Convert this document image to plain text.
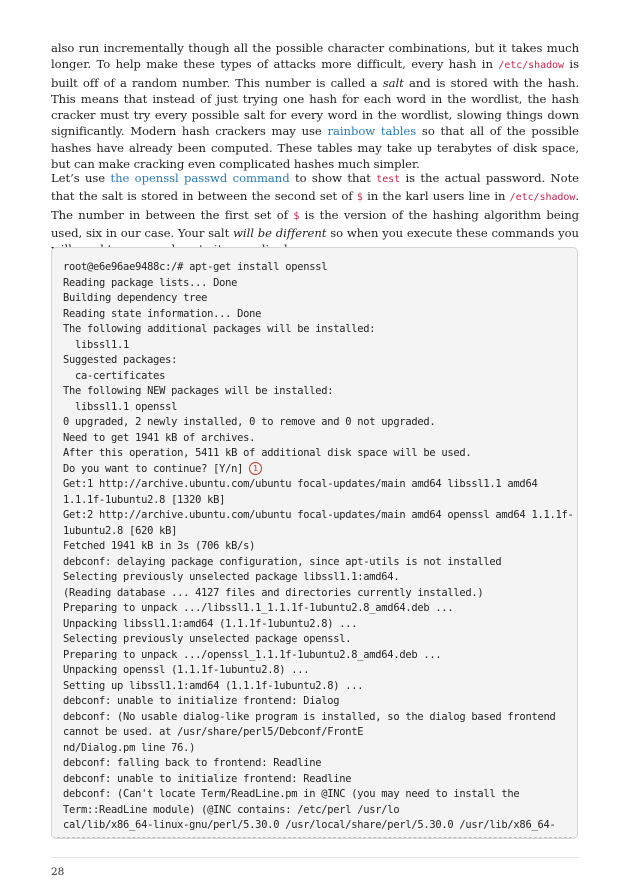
also run incrementally though all the possible character combinations, but it takes much longer. To help make these types of attacks more difficult, every hash in /etc/shadow is built off of a random number. This number is called a salt and is stored with the hash. This means that instead of just trying one hash for each word in the wordlist, the hash cracker must try every possible salt for every word in the wordlist, slowing things down significantly. Modern hash crackers may use rainbow tables so that all of the possible hashes have already been computed. These tables may take up terabytes of disk space, but can make cracking even complicated hashes much simpler.

Let’s use the openssl passwd command to show that test is the actual password. Note that the salt is stored in between the second set of $ in the karl users line in /etc/shadow. The number in between the first set of $ is the version of the hashing algorithm being used, six in our case. Your salt will be different so when you execute these commands you

root@e6e96ae9488c:/# apt-get install openssl
Reading package lists... Done
Building dependency tree
Reading state information... Done
The following additional packages will be installed:
libssl1.1
Suggested packages:
ca-certificates
The following NEW packages will be installed:
libssl1.1 openssl
0 upgraded, 2 newly installed, 0 to remove and 0 not upgraded.
Need to get 1941 kB of archives.
After this operation, 5411 kB of additional disk space will be used.
Do you want to continue? [Y/n] 1
Get:1 http://archive.ubuntu.com/ubuntu focal-updates/main amd64 libssl1.1 amd64
1.1.1f-1ubuntu2.8 [1320 kB]
Get:2 http://archive.ubuntu.com/ubuntu focal-updates/main amd64 openssl amd64 1.1.1f-
1ubuntu2.8 [620 kB]
Fetched 1941 kB in 3s (706 kB/s)
debconf: delaying package configuration, since apt-utils is not installed
Selecting previously unselected package libssl1.1:amd64.
(Reading database ... 4127 files and directories currently installed.)
Preparing to unpack .../libssl1.1_1.1.1f-1ubuntu2.8_amd64.deb ...
Unpacking libssl1.1:amd64 (1.1.1f-1ubuntu2.8) ...
Selecting previously unselected package openssl.
Preparing to unpack .../openssl_1.1.1f-1ubuntu2.8_amd64.deb ...
Unpacking openssl (1.1.1f-1ubuntu2.8) ...
Setting up libssl1.1:amd64 (1.1.1f-1ubuntu2.8) ...
debconf: unable to initialize frontend: Dialog
debconf: (No usable dialog-like program is installed, so the dialog based frontend
cannot be used. at /usr/share/perl5/Debconf/FrontE
nd/Dialog.pm line 76.)
debconf: falling back to frontend: Readline
debconf: unable to initialize frontend: Readline
debconf: (Can't locate Term/ReadLine.pm in @INC (you may need to install the
Term::ReadLine module) (@INC contains: /etc/perl /usr/lo
cal/lib/x86_64-linux-gnu/perl/5.30.0 /usr/local/share/perl/5.30.0 /usr/lib/x86_64-
28
